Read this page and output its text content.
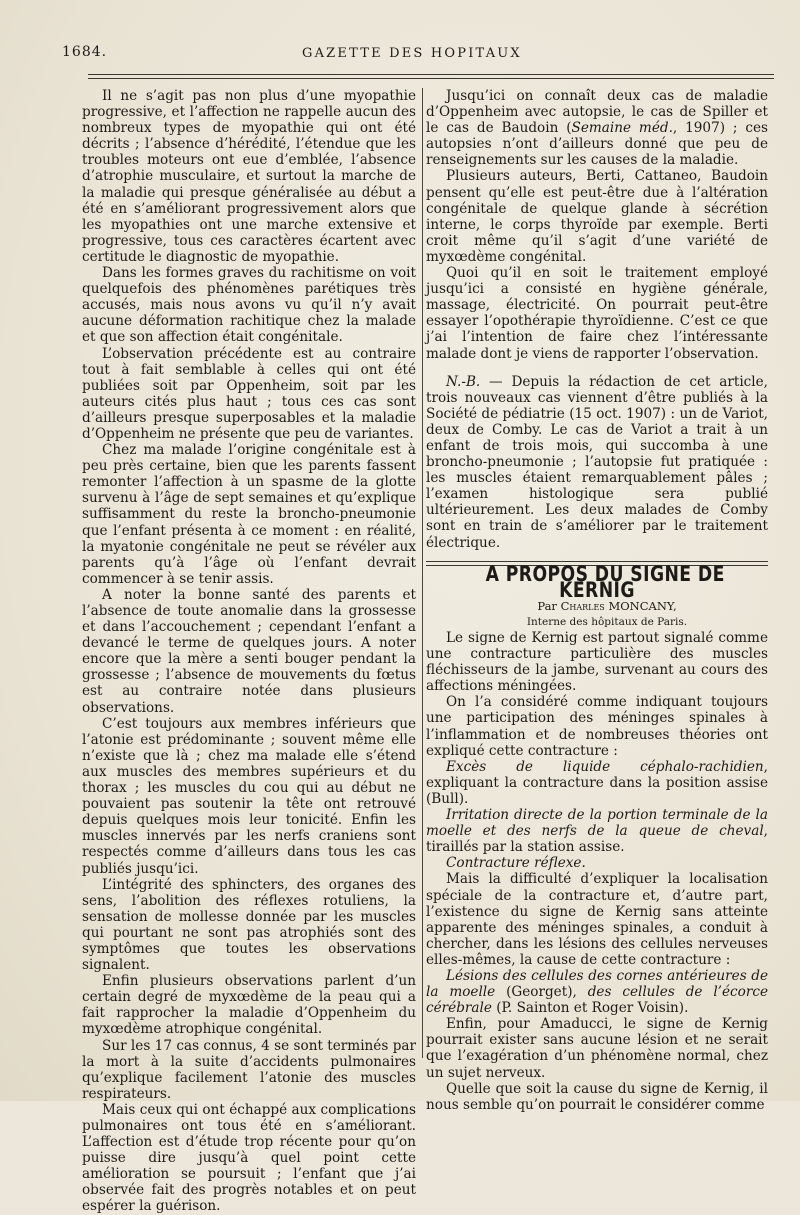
1684.	GAZETTE DES HOPITAUX

Il ne s’agit pas non plus d’une myopathie progressive, et l’affection ne rappelle aucun des nombreux types de myopathie qui ont été décrits ; l’absence d’hérédité, l’étendue que les troubles moteurs ont eue d’emblée, l’absence d’atrophie musculaire, et surtout la marche de la maladie qui presque généralisée au début a été en s’améliorant progressivement alors que les myopathies ont une marche extensive et progressive, tous ces caractères écartent avec certitude le diagnostic de myopathie.

Dans les formes graves du rachitisme on voit quelquefois des phénomènes parétiques très accusés, mais nous avons vu qu’il n’y avait aucune déformation rachitique chez la malade et que son affection était congénitale.

L’observation précédente est au contraire tout à fait semblable à celles qui ont été publiées soit par Oppenheim, soit par les auteurs cités plus haut ; tous ces cas sont d’ailleurs presque superposables et la maladie d’Oppenheim ne présente que peu de variantes.

Chez ma malade l’origine congénitale est à peu près certaine, bien que les parents fassent remonter l’affection à un spasme de la glotte survenu à l’âge de sept semaines et qu’explique suffisamment du reste la broncho-pneumonie que l’enfant présenta à ce moment : en réalité, la myatonie congénitale ne peut se révéler aux parents qu’à l’âge où l’enfant devrait commencer à se tenir assis.

A noter la bonne santé des parents et l’absence de toute anomalie dans la grossesse et dans l’accouchement ; cependant l’enfant a devancé le terme de quelques jours. A noter encore que la mère a senti bouger pendant la grossesse ; l’absence de mouvements du fœtus est au contraire notée dans plusieurs observations.

C’est toujours aux membres inférieurs que l’atonie est prédominante ; souvent même elle n’existe que là ; chez ma malade elle s’étend aux muscles des membres supérieurs et du thorax ; les muscles du cou qui au début ne pouvaient pas soutenir la tête ont retrouvé depuis quelques mois leur tonicité. Enfin les muscles innervés par les nerfs craniens sont respectés comme d’ailleurs dans tous les cas publiés jusqu’ici.

L’intégrité des sphincters, des organes des sens, l’abolition des réflexes rotuliens, la sensation de mollesse donnée par les muscles qui pourtant ne sont pas atrophiés sont des symptômes que toutes les observations signalent.

Enfin plusieurs observations parlent d’un certain degré de myxœdème de la peau qui a fait rapprocher la maladie d’Oppenheim du myxœdème atrophique congénital.

Sur les 17 cas connus, 4 se sont terminés par la mort à la suite d’accidents pulmonaires qu’explique facilement l’atonie des muscles respirateurs.

Mais ceux qui ont échappé aux complications pulmonaires ont tous été en s’améliorant. L’affection est d’étude trop récente pour qu’on puisse dire jusqu’à quel point cette amélioration se poursuit ; l’enfant que j’ai observée fait des progrès notables et on peut espérer la guérison.

Jusqu’ici on connaît deux cas de maladie d’Oppenheim avec autopsie, le cas de Spiller et le cas de Baudoin (Semaine méd., 1907) ; ces autopsies n’ont d’ailleurs donné que peu de renseignements sur les causes de la maladie.

Plusieurs auteurs, Berti, Cattaneo, Baudoin pensent qu’elle est peut-être due à l’altération congénitale de quelque glande à sécrétion interne, le corps thyroïde par exemple. Berti croit même qu’il s’agit d’une variété de myxœdème congénital.

Quoi qu’il en soit le traitement employé jusqu’ici a consisté en hygiène générale, massage, électricité. On pourrait peut-être essayer l’opothérapie thyroïdienne. C’est ce que j’ai l’intention de faire chez l’intéressante malade dont je viens de rapporter l’observation.

N.-B. — Depuis la rédaction de cet article, trois nouveaux cas viennent d’être publiés à la Société de pédiatrie (15 oct. 1907) : un de Variot, deux de Comby. Le cas de Variot a trait à un enfant de trois mois, qui succomba à une broncho-pneumonie ; l’autopsie fut pratiquée : les muscles étaient remarquablement pâles ; l’examen histologique sera publié ultérieurement. Les deux malades de Comby sont en train de s’améliorer par le traitement électrique.

A PROPOS DU SIGNE DE KERNIG

Par Charles MONCANY,

Interne des hôpitaux de Paris.

Le signe de Kernig est partout signalé comme une contracture particulière des muscles fléchisseurs de la jambe, survenant au cours des affections méningées.

On l’a considéré comme indiquant toujours une participation des méninges spinales à l’inflammation et de nombreuses théories ont expliqué cette contracture :

Excès de liquide céphalo-rachidien, expliquant la contracture dans la position assise (Bull).

Irritation directe de la portion terminale de la moelle et des nerfs de la queue de cheval, tiraillés par la station assise.

Contracture réflexe.

Mais la difficulté d’expliquer la localisation spéciale de la contracture et, d’autre part, l’existence du signe de Kernig sans atteinte apparente des méninges spinales, a conduit à chercher, dans les lésions des cellules nerveuses elles-mêmes, la cause de cette contracture :

Lésions des cellules des cornes antérieures de la moelle (Georget), des cellules de l’écorce cérébrale (P. Sainton et Roger Voisin).

Enfin, pour Amaducci, le signe de Kernig pourrait exister sans aucune lésion et ne serait que l’exagération d’un phénomène normal, chez un sujet nerveux.

Quelle que soit la cause du signe de Kernig, il nous semble qu’on pourrait le considérer comme
